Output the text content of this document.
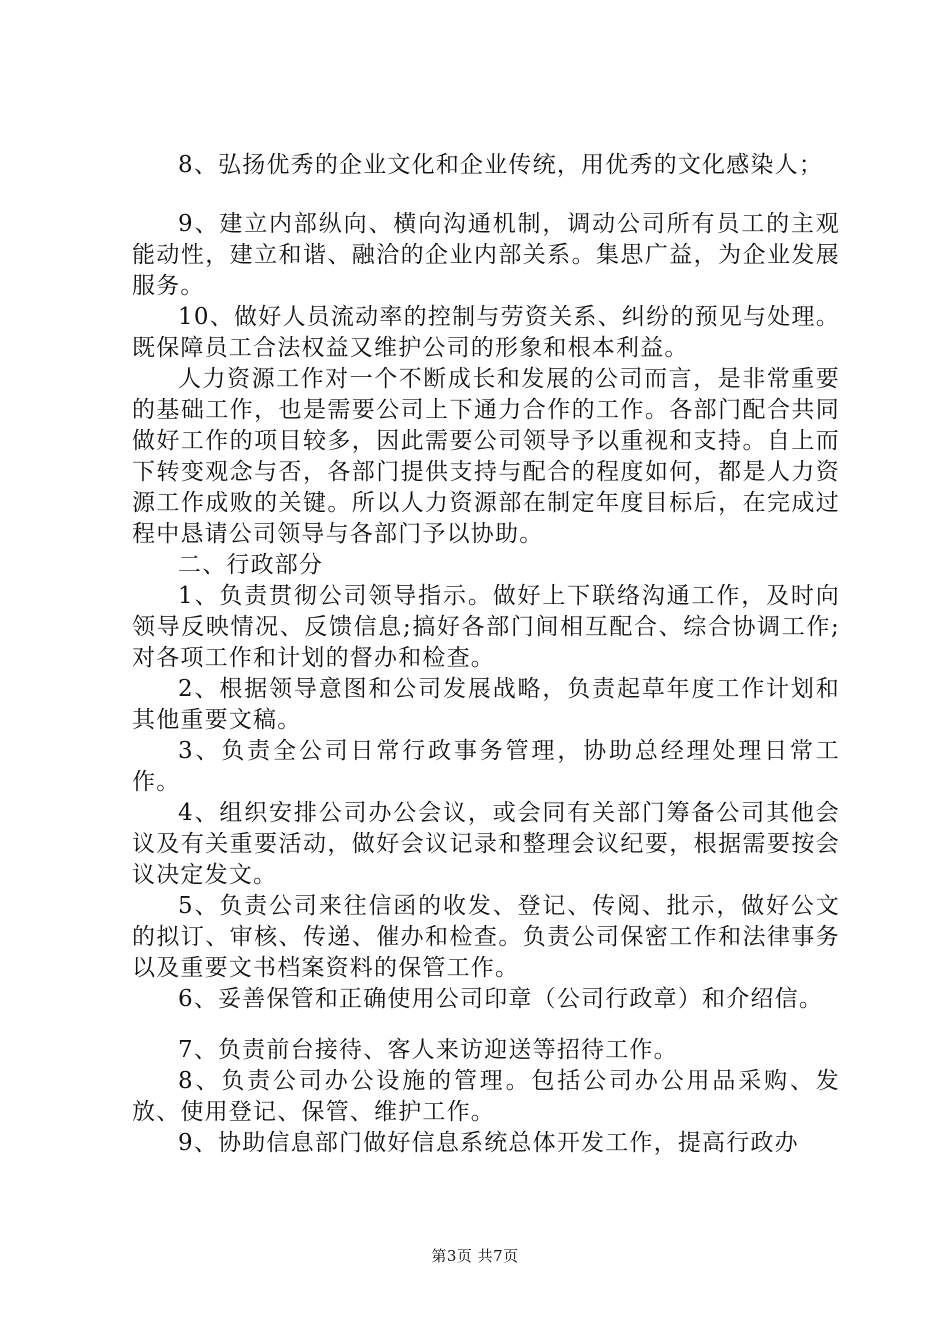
8、弘扬优秀的企业文化和企业传统，用优秀的文化感染人；

9、建立内部纵向、横向沟通机制，调动公司所有员工的主观能动性，建立和谐、融洽的企业内部关系。集思广益，为企业发展服务。

10、做好人员流动率的控制与劳资关系、纠纷的预见与处理。既保障员工合法权益又维护公司的形象和根本利益。

人力资源工作对一个不断成长和发展的公司而言，是非常重要的基础工作，也是需要公司上下通力合作的工作。各部门配合共同做好工作的项目较多，因此需要公司领导予以重视和支持。自上而下转变观念与否，各部门提供支持与配合的程度如何，都是人力资源工作成败的关键。所以人力资源部在制定年度目标后，在完成过程中恳请公司领导与各部门予以协助。

二、行政部分

1、负责贯彻公司领导指示。做好上下联络沟通工作，及时向领导反映情况、反馈信息;搞好各部门间相互配合、综合协调工作;对各项工作和计划的督办和检查。

2、根据领导意图和公司发展战略，负责起草年度工作计划和其他重要文稿。

3、负责全公司日常行政事务管理，协助总经理处理日常工作。

4、组织安排公司办公会议，或会同有关部门筹备公司其他会议及有关重要活动，做好会议记录和整理会议纪要，根据需要按会议决定发文。

5、负责公司来往信函的收发、登记、传阅、批示，做好公文的拟订、审核、传递、催办和检查。负责公司保密工作和法律事务以及重要文书档案资料的保管工作。

6、妥善保管和正确使用公司印章（公司行政章）和介绍信。

7、负责前台接待、客人来访迎送等招待工作。

8、负责公司办公设施的管理。包括公司办公用品采购、发放、使用登记、保管、维护工作。

9、协助信息部门做好信息系统总体开发工作，提高行政办

第3页 共7页
